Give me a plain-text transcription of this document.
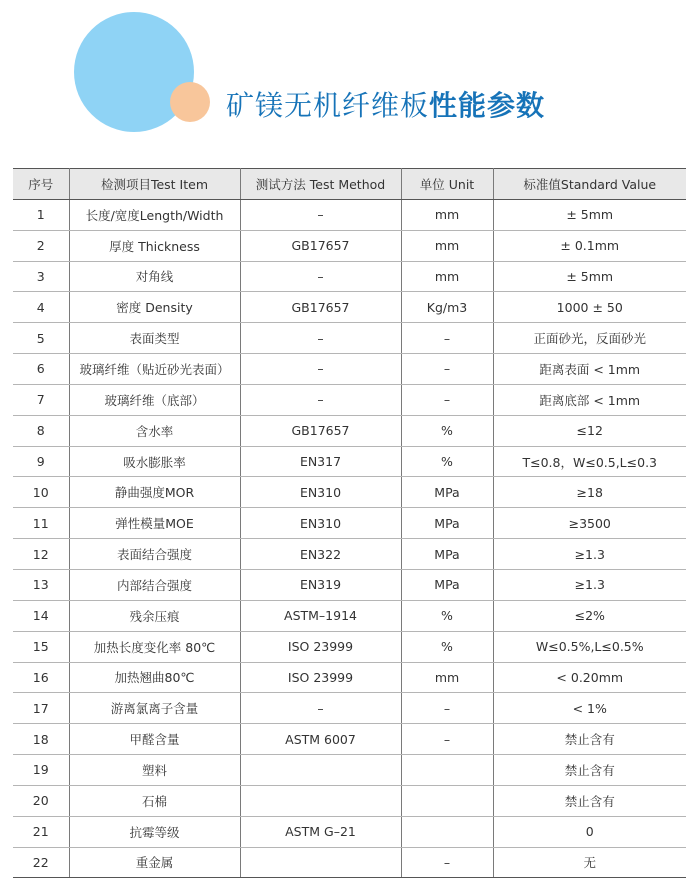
矿镁无机纤维板性能参数
序号	检测项目Test Item	测试方法 Test Method	单位 Unit	标准值Standard Value
1	长度/宽度Length/Width	–	mm	± 5mm
2	厚度 Thickness	GB17657	mm	± 0.1mm
3	对角线	–	mm	± 5mm
4	密度 Density	GB17657	Kg/m3	1000 ± 50
5	表面类型	–	–	正面砂光，反面砂光
6	玻璃纤维（贴近砂光表面）	–	–	距离表面 < 1mm
7	玻璃纤维（底部）	–	–	距离底部 < 1mm
8	含水率	GB17657	%	≤12
9	吸水膨胀率	EN317	%	T≤0.8，W≤0.5,L≤0.3
10	静曲强度MOR	EN310	MPa	≥18
11	弹性模量MOE	EN310	MPa	≥3500
12	表面结合强度	EN322	MPa	≥1.3
13	内部结合强度	EN319	MPa	≥1.3
14	残余压痕	ASTM–1914	%	≤2%
15	加热长度变化率 80℃	ISO 23999	%	W≤0.5%,L≤0.5%
16	加热翘曲80℃	ISO 23999	mm	< 0.20mm
17	游离氯离子含量	–	–	< 1%
18	甲醛含量	ASTM 6007	–	禁止含有
19	塑料			禁止含有
20	石棉			禁止含有
21	抗霉等级	ASTM G–21		0
22	重金属		–	无
